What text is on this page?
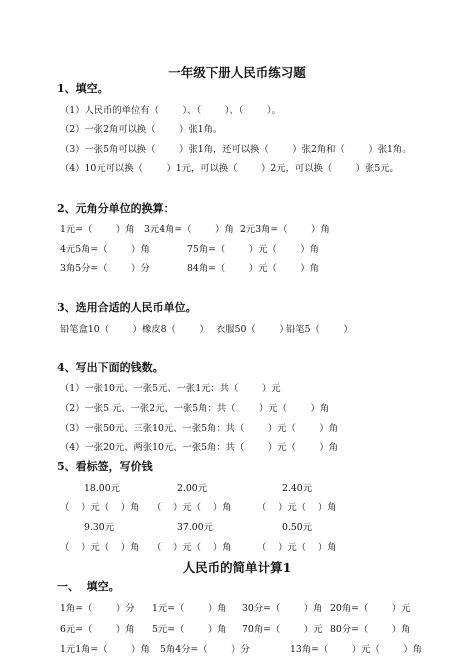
一年级下册人民币练习题
1、填空。
（1）人民币的单位有（        ）、（        ）、（        ）。
（2）一张2角可以换（        ）张1角。
（3）一张5角可以换（        ）张1角，还可以换（        ）张2角和（        ）张1角。
（4）10元可以换（        ）1元，可以换（        ）2元，可以换（        ）张5元。
2、元角分单位的换算：
1元=（        ）角 3元4角=（        ）角 2元3角=（        ）角
4元5角=（        ）角	75角=（        ）元（        ）角
3角5分=（        ）分	84角=（        ）元（        ）角
3、选用合适的人民币单位。
铅笔盒10（        ） 橡皮8（        ） 衣服50（        ）
铅笔5（        ）
4、写出下面的钱数。
（1）一张10元、一张5元、一张1元：共（        ）元
（2）一张5 元、一张2元、一张5角：共（        ）元（        ）角
（3）一张50元、三张10元、一张5角：共（        ）元（        ）角
（4）一张20元、两张10元、一张5角：共（        ）元（        ）角
5、看标签，写价钱
18.00元	2.00元	2.40元
（    ）元（    ）角 （    ）元（    ）角	（    ）元（    ）角
9.30元	37.00元	0.50元
（    ）元（    ）角 （    ）元（    ）角	（    ）元（    ）角
人民币的简单计算1
一、  填空。
1角=（        ）分 1元=（        ）角 30分=（        ）角 20角=（        ）元
6元=（        ）角 5元=（        ）角 70角=（        ）元 80分=（        ）角
1元1角=（        ）角 5角4分=（        ）分	13角=（        ）元（        ）角
